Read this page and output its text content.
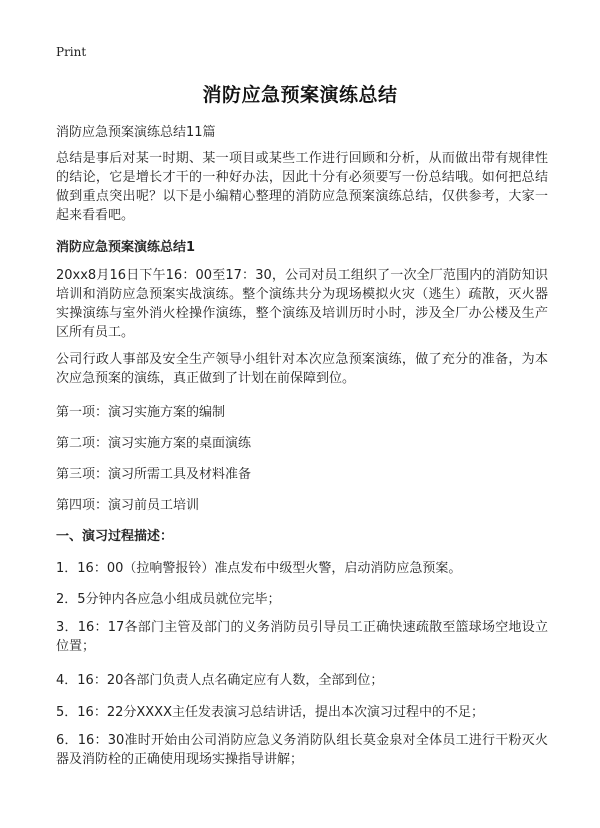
Print
消防应急预案演练总结
消防应急预案演练总结11篇

总结是事后对某一时期、某一项目或某些工作进行回顾和分析，从而做出带有规律性的结论，它是增长才干的一种好办法，因此十分有必须要写一份总结哦。如何把总结做到重点突出呢？以下是小编精心整理的消防应急预案演练总结，仅供参考，大家一起来看看吧。

消防应急预案演练总结1

20xx8月16日下午16：00至17：30，公司对员工组织了一次全厂范围内的消防知识培训和消防应急预案实战演练。整个演练共分为现场模拟火灾（逃生）疏散，灭火器实操演练与室外消火栓操作演练，整个演练及培训历时小时，涉及全厂办公楼及生产区所有员工。

公司行政人事部及安全生产领导小组针对本次应急预案演练，做了充分的准备，为本次应急预案的演练，真正做到了计划在前保障到位。

第一项：演习实施方案的编制
第二项：演习实施方案的桌面演练
第三项：演习所需工具及材料准备
第四项：演习前员工培训
一、演习过程描述：
1．16：00（拉响警报铃）准点发布中级型火警，启动消防应急预案。
2．5分钟内各应急小组成员就位完毕；

3．16：17各部门主管及部门的义务消防员引导员工正确快速疏散至篮球场空地设立位置；

4．16：20各部门负责人点名确定应有人数，全部到位；
5．16：22分XXXX主任发表演习总结讲话，提出本次演习过程中的不足；

6．16：30准时开始由公司消防应急义务消防队组长莫金泉对全体员工进行干粉灭火器及消防栓的正确使用现场实操指导讲解；
